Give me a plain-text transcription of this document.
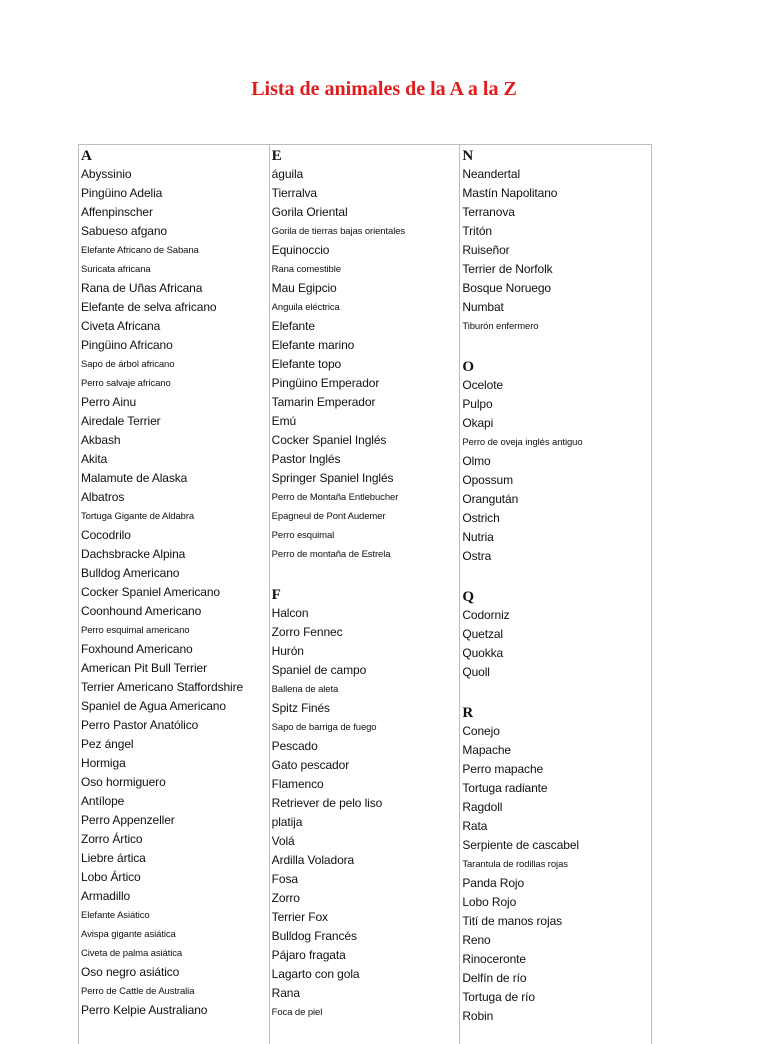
Lista de animales de la A a la Z
A
Abyssinio
Pingüino Adelia
Affenpinscher
Sabueso afgano
Elefante Africano de Sabana
Suricata africana
Rana de Uñas Africana
Elefante de selva africano
Civeta Africana
Pingüino Africano
Sapo de árbol africano
Perro salvaje africano
Perro Ainu
Airedale Terrier
Akbash
Akita
Malamute de Alaska
Albatros
Tortuga Gigante de Aldabra
Cocodrilo
Dachsbracke Alpina
Bulldog Americano
Cocker Spaniel Americano
Coonhound Americano
Perro esquimal americano
Foxhound Americano
American Pit Bull Terrier
Terrier Americano Staffordshire
Spaniel de Agua Americano
Perro Pastor Anatólico
Pez ángel
Hormiga
Oso hormiguero
Antílope
Perro Appenzeller
Zorro Ártico
Liebre ártica
Lobo Ártico
Armadillo
Elefante Asiático
Avispa gigante asiática
Civeta de palma asiática
Oso negro asiático
Perro de Cattle de Australia
Perro Kelpie Australiano
E
águila
Tierralva
Gorila Oriental
Gorila de tierras bajas orientales
Equinoccio
Rana comestible
Mau Egipcio
Anguila eléctrica
Elefante
Elefante marino
Elefante topo
Pingüino Emperador
Tamarin Emperador
Emú
Cocker Spaniel Inglés
Pastor Inglés
Springer Spaniel Inglés
Perro de Montaña Entlebucher
Epagneul de Pont Audemer
Perro esquimal
Perro de montaña de Estrela
F
Halcon
Zorro Fennec
Hurón
Spaniel de campo
Ballena de aleta
Spitz Finés
Sapo de barriga de fuego
Pescado
Gato pescador
Flamenco
Retriever de pelo liso
platija
Volá
Ardilla Voladora
Fosa
Zorro
Terrier Fox
Bulldog Francés
Pájaro fragata
Lagarto con gola
Rana
Foca de piel
N
Neandertal
Mastín Napolitano
Terranova
Tritón
Ruiseñor
Terrier de Norfolk
Bosque Noruego
Numbat
Tiburón enfermero
O
Ocelote
Pulpo
Okapi
Perro de oveja inglés antiguo
Olmo
Opossum
Orangután
Ostrich
Nutria
Ostra
Q
Codorniz
Quetzal
Quokka
Quoll
R
Conejo
Mapache
Perro mapache
Tortuga radiante
Ragdoll
Rata
Serpiente de cascabel
Tarantula de rodillas rojas
Panda Rojo
Lobo Rojo
Tití de manos rojas
Reno
Rinoceronte
Delfín de río
Tortuga de río
Robin
